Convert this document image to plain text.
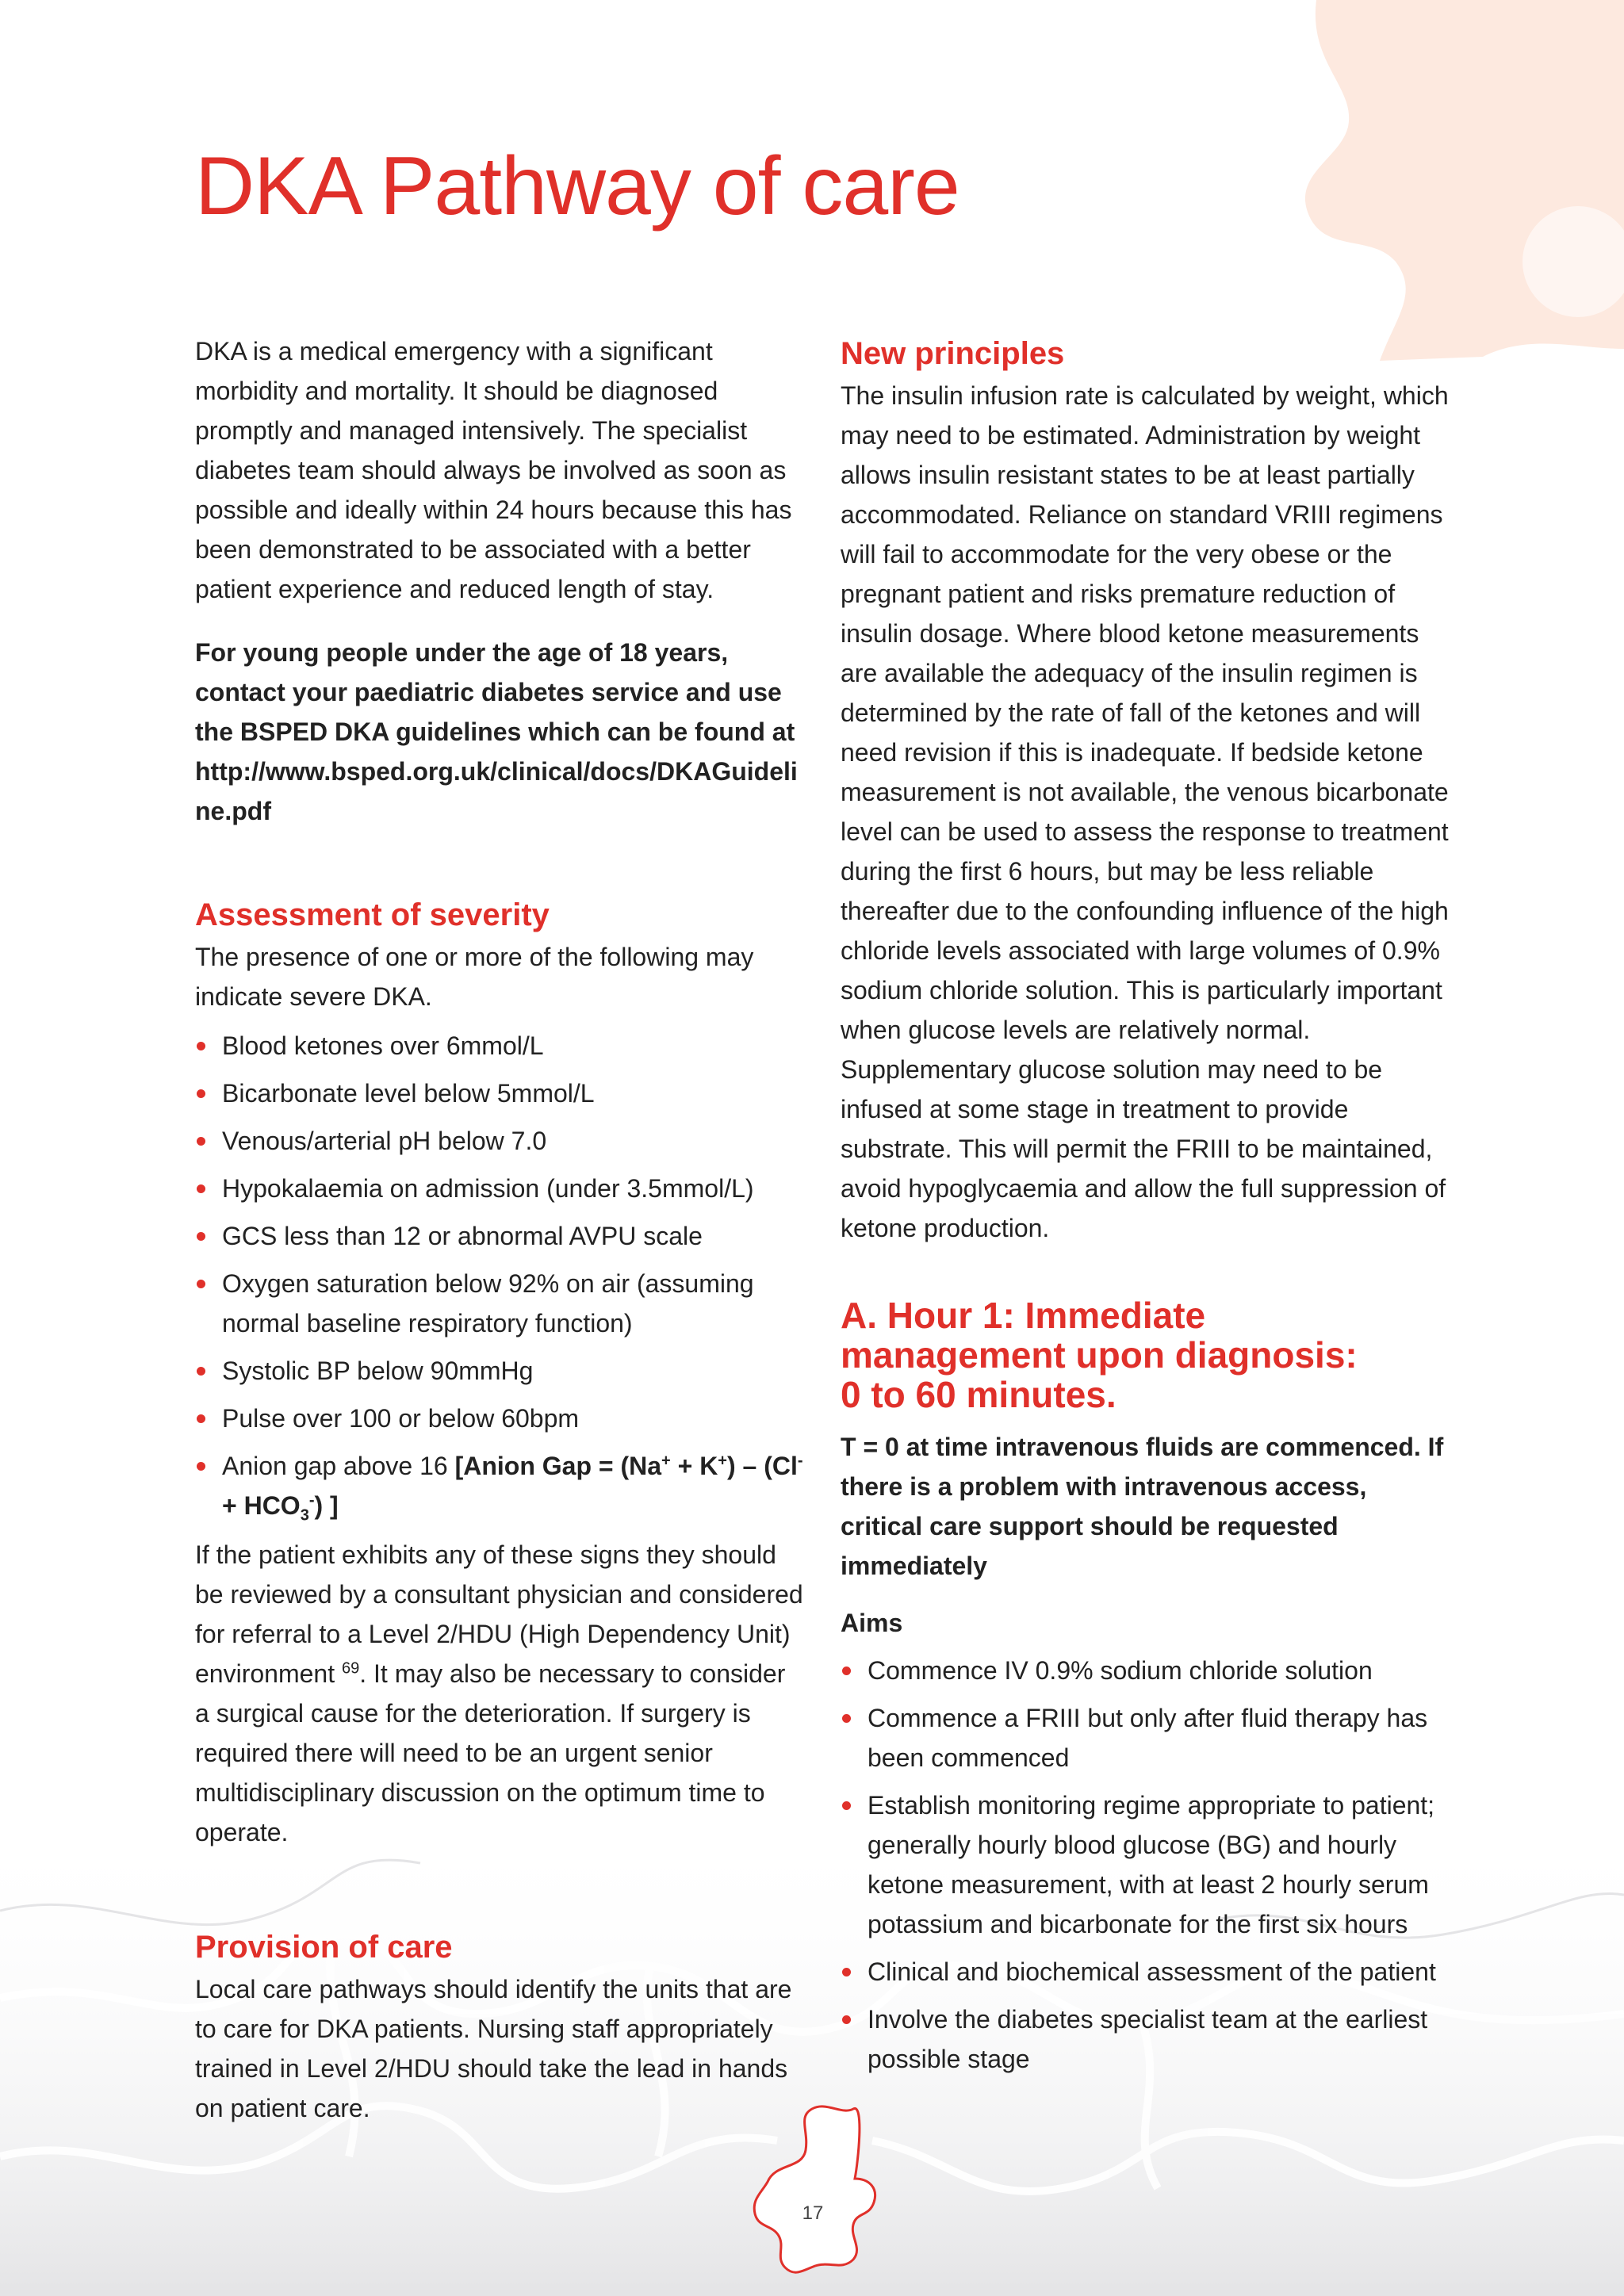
DKA Pathway of care

DKA is a medical emergency with a significant morbidity and mortality. It should be diagnosed promptly and managed intensively. The specialist diabetes team should always be involved as soon as possible and ideally within 24 hours because this has been demonstrated to be associated with a better patient experience and reduced length of stay.

For young people under the age of 18 years, contact your paediatric diabetes service and use the BSPED DKA guidelines which can be found at
http://www.bsped.org.uk/clinical/docs/DKAGuideline.pdf

Assessment of severity

The presence of one or more of the following may indicate severe DKA.

Blood ketones over 6mmol/L
Bicarbonate level below 5mmol/L
Venous/arterial pH below 7.0
Hypokalaemia on admission (under 3.5mmol/L)
GCS less than 12 or abnormal AVPU scale
Oxygen saturation below 92% on air (assuming normal baseline respiratory function)
Systolic BP below 90mmHg
Pulse over 100 or below 60bpm
Anion gap above 16 [Anion Gap = $(Na^+ + K^+) - (Cl^- + HCO_3^-)$ ]

If the patient exhibits any of these signs they should be reviewed by a consultant physician and considered for referral to a Level 2/HDU (High Dependency Unit) environment $^{69}$. It may also be necessary to consider a surgical cause for the deterioration. If surgery is required there will need to be an urgent senior multidisciplinary discussion on the optimum time to operate.

Provision of care

Local care pathways should identify the units that are to care for DKA patients. Nursing staff appropriately trained in Level 2/HDU should take the lead in hands on patient care.

New principles

The insulin infusion rate is calculated by weight, which may need to be estimated. Administration by weight allows insulin resistant states to be at least partially accommodated. Reliance on standard VRIII regimens will fail to accommodate for the very obese or the pregnant patient and risks premature reduction of insulin dosage. Where blood ketone measurements are available the adequacy of the insulin regimen is determined by the rate of fall of the ketones and will need revision if this is inadequate. If bedside ketone measurement is not available, the venous bicarbonate level can be used to assess the response to treatment during the first 6 hours, but may be less reliable thereafter due to the confounding influence of the high chloride levels associated with large volumes of 0.9% sodium chloride solution. This is particularly important when glucose levels are relatively normal. Supplementary glucose solution may need to be infused at some stage in treatment to provide substrate. This will permit the FRIII to be maintained, avoid hypoglycaemia and allow the full suppression of ketone production.

A. Hour 1: Immediate
management upon diagnosis:
0 to 60 minutes.

T = 0 at time intravenous fluids are commenced. If there is a problem with intravenous access, critical care support should be requested immediately

Aims
Commence IV 0.9% sodium chloride solution
Commence a FRIII but only after fluid therapy has been commenced
Establish monitoring regime appropriate to patient; generally hourly blood glucose (BG) and hourly ketone measurement, with at least 2 hourly serum potassium and bicarbonate for the first six hours
Clinical and biochemical assessment of the patient
Involve the diabetes specialist team at the earliest possible stage
17
